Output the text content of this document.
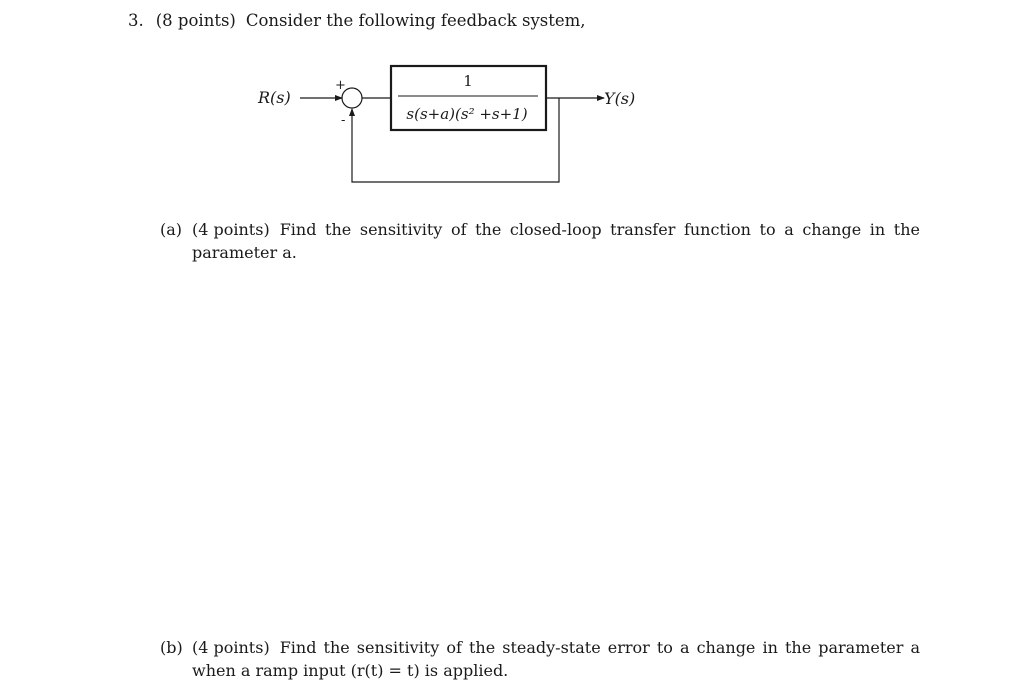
3. (8 points) Consider the following feedback system,
R(s)
+
-
1
s(s+a)(s² +s+1)
Y(s)
(a) (4 points) Find the sensitivity of the closed-loop transfer function to a change in the
parameter a.
(b) (4 points) Find the sensitivity of the steady-state error to a change in the parameter a
when a ramp input (r(t) = t) is applied.
